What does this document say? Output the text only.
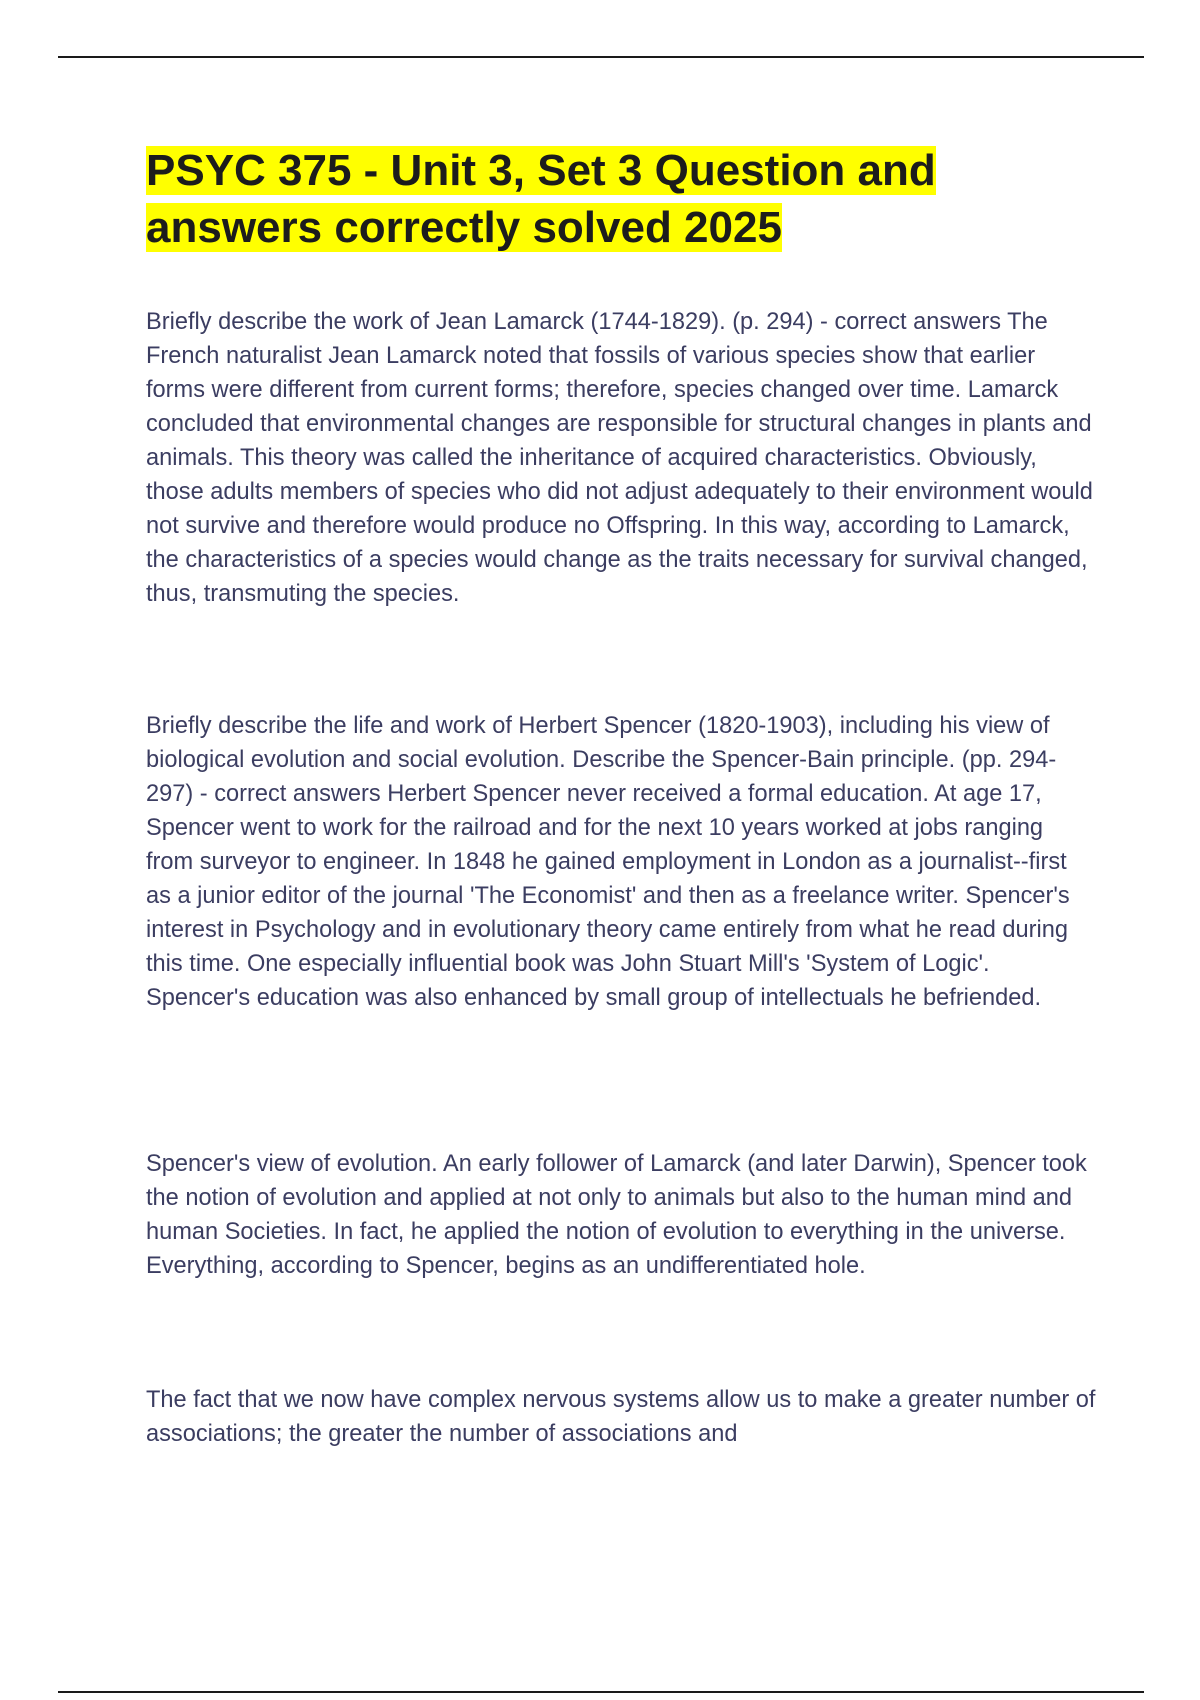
PSYC 375 - Unit 3, Set 3 Question and answers correctly solved 2025

Briefly describe the work of Jean Lamarck (1744-1829). (p. 294) - correct answers The French naturalist Jean Lamarck noted that fossils of various species show that earlier forms were different from current forms; therefore, species changed over time. Lamarck concluded that environmental changes are responsible for structural changes in plants and animals. This theory was called the inheritance of acquired characteristics. Obviously, those adults members of species who did not adjust adequately to their environment would not survive and therefore would produce no Offspring. In this way, according to Lamarck, the characteristics of a species would change as the traits necessary for survival changed, thus, transmuting the species.

Briefly describe the life and work of Herbert Spencer (1820-1903), including his view of biological evolution and social evolution. Describe the Spencer-Bain principle. (pp. 294-297) - correct answers Herbert Spencer never received a formal education. At age 17, Spencer went to work for the railroad and for the next 10 years worked at jobs ranging from surveyor to engineer. In 1848 he gained employment in London as a journalist--first as a junior editor of the journal 'The Economist' and then as a freelance writer. Spencer's interest in Psychology and in evolutionary theory came entirely from what he read during this time. One especially influential book was John Stuart Mill's 'System of Logic'. Spencer's education was also enhanced by small group of intellectuals he befriended.

Spencer's view of evolution. An early follower of Lamarck (and later Darwin), Spencer took the notion of evolution and applied at not only to animals but also to the human mind and human Societies. In fact, he applied the notion of evolution to everything in the universe. Everything, according to Spencer, begins as an undifferentiated hole.

The fact that we now have complex nervous systems allow us to make a greater number of associations; the greater the number of associations and
